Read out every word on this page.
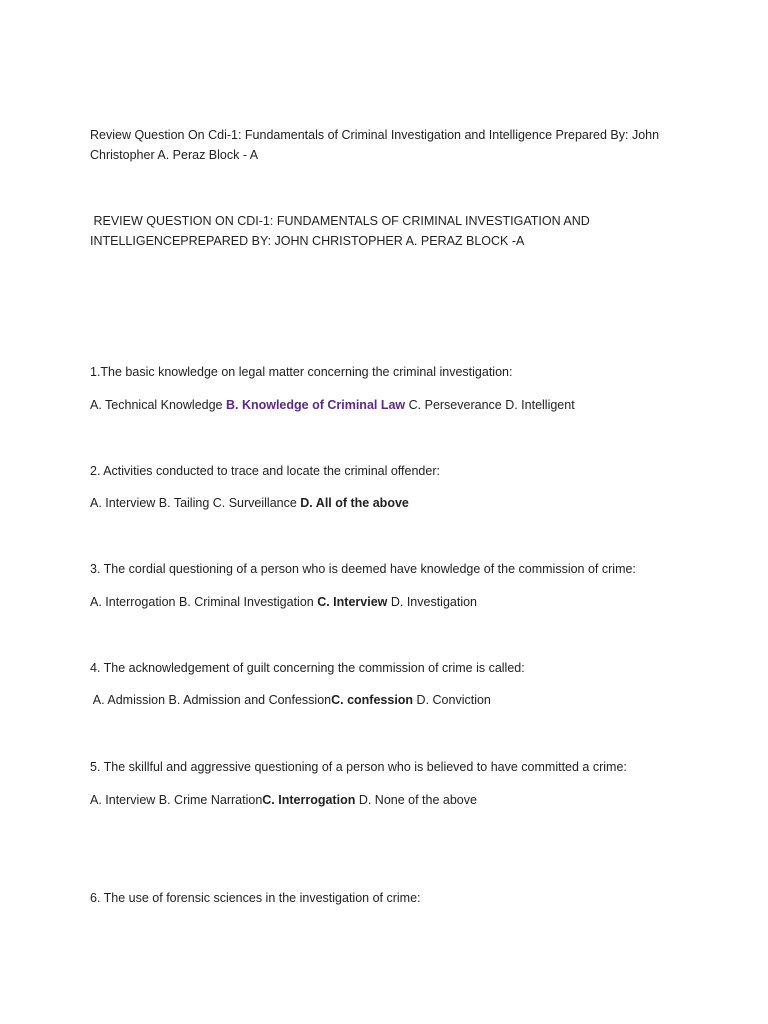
Review Question On Cdi-1: Fundamentals of Criminal Investigation and Intelligence Prepared By: John
Christopher A. Peraz Block - A
REVIEW QUESTION ON CDI-1: FUNDAMENTALS OF CRIMINAL INVESTIGATION AND
INTELLIGENCEPREPARED BY: JOHN CHRISTOPHER A. PERAZ BLOCK -A
1.The basic knowledge on legal matter concerning the criminal investigation:
A. Technical Knowledge B. Knowledge of Criminal Law C. Perseverance D. Intelligent
2. Activities conducted to trace and locate the criminal offender:
A. Interview B. Tailing C. Surveillance D. All of the above
3. The cordial questioning of a person who is deemed have knowledge of the commission of crime:
A. Interrogation B. Criminal Investigation C. Interview D. Investigation
4. The acknowledgement of guilt concerning the commission of crime is called:
A. Admission B. Admission and ConfessionC. confession D. Conviction
5. The skillful and aggressive questioning of a person who is believed to have committed a crime:
A. Interview B. Crime NarrationC. Interrogation D. None of the above
6. The use of forensic sciences in the investigation of crime:
